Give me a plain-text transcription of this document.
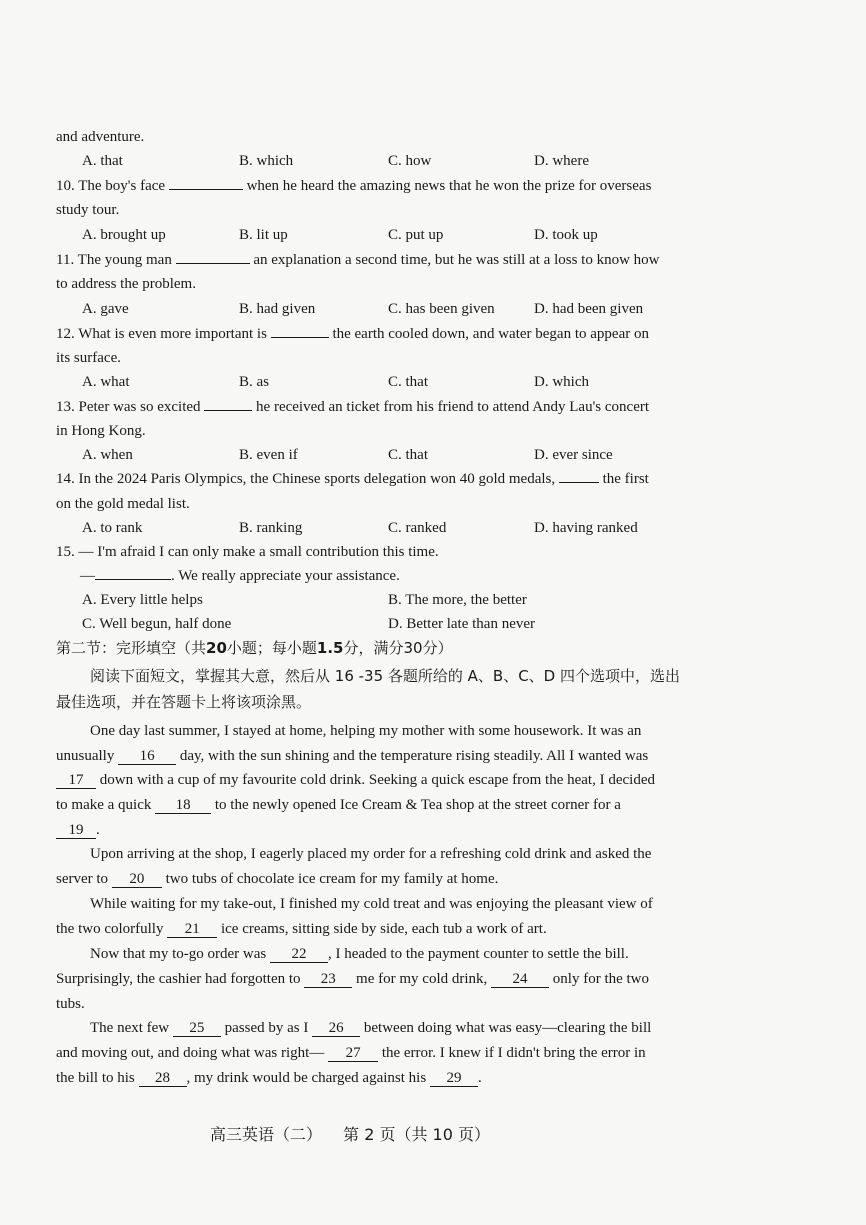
and adventure.
A. that	B. which	C. how	D. where
10. The boy's face	when he heard the amazing news that he won the prize for overseas
study tour.
A. brought up	B. lit up	C. put up	D. took up
11. The young man	an explanation a second time, but he was still at a loss to know how
to address the problem.
A. gave	B. had given	C. has been given	D. had been given
12. What is even more important is	the earth cooled down, and water began to appear on
its surface.
A. what	B. as	C. that	D. which
13. Peter was so excited	he received an ticket from his friend to attend Andy Lau's concert
in Hong Kong.
A. when	B. even if	C. that	D. ever since
14. In the 2024 Paris Olympics, the Chinese sports delegation won 40 gold medals,	the first
on the gold medal list.
A. to rank	B. ranking	C. ranked	D. having ranked
15. — I'm afraid I can only make a small contribution this time.
—	. We really appreciate your assistance.
A. Every little helps	B. The more, the better
C. Well begun, half done	D. Better late than never
第二节：完形填空（共20小题；每小题1.5分，满分30分）
阅读下面短文，掌握其大意，然后从 16 -35 各题所给的 A、B、C、D 四个选项中，选出
最佳选项，并在答题卡上将该项涂黑。
One day last summer, I stayed at home, helping my mother with some housework. It was an
unusually 16 day, with the sun shining and the temperature rising steadily. All I wanted was
17 down with a cup of my favourite cold drink. Seeking a quick escape from the heat, I decided
to make a quick 18 to the newly opened Ice Cream & Tea shop at the street corner for a
19 .
Upon arriving at the shop, I eagerly placed my order for a refreshing cold drink and asked the
server to 20 two tubs of chocolate ice cream for my family at home.
While waiting for my take-out, I finished my cold treat and was enjoying the pleasant view of
the two colorfully 21 ice creams, sitting side by side, each tub a work of art.
Now that my to-go order was 22 , I headed to the payment counter to settle the bill.
Surprisingly, the cashier had forgotten to 23 me for my cold drink, 24 only for the two
tubs.
The next few 25 passed by as I 26 between doing what was easy—clearing the bill
and moving out, and doing what was right— 27 the error. I knew if I didn't bring the error in
the bill to his 28 , my drink would be charged against his 29 .
高三英语（二） 第 2 页（共 10 页）
